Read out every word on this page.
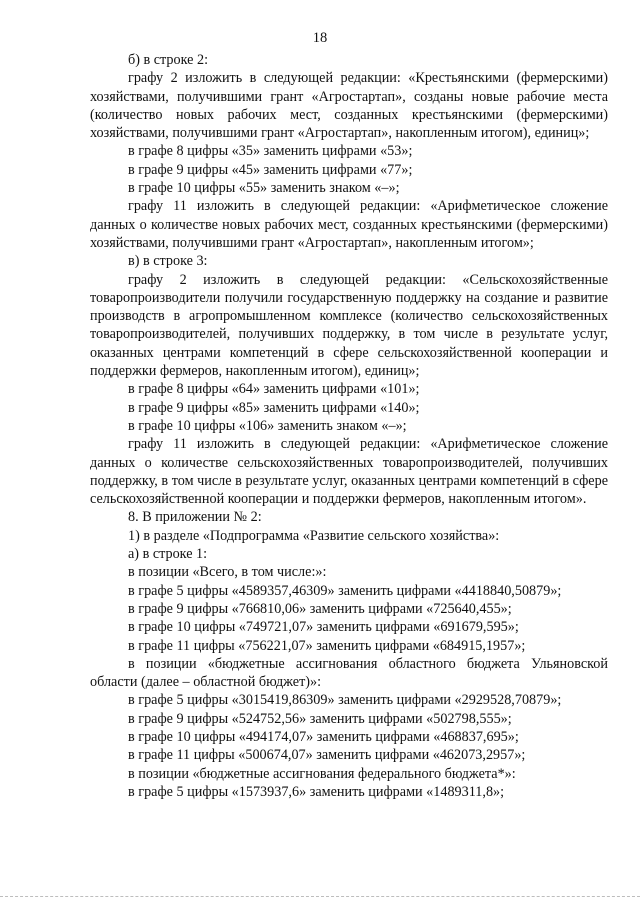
18

б) в строке 2:

графу 2 изложить в следующей редакции: «Крестьянскими (фермерскими) хозяйствами, получившими грант «Агростартап», созданы новые рабочие места (количество новых рабочих мест, созданных крестьянскими (фермерскими) хозяйствами, получившими грант «Агростартап», накопленным итогом), единиц»;

в графе 8 цифры «35» заменить цифрами «53»;

в графе 9 цифры «45» заменить цифрами «77»;

в графе 10 цифры «55» заменить знаком «–»;

графу 11 изложить в следующей редакции: «Арифметическое сложение данных о количестве новых рабочих мест, созданных крестьянскими (фермерскими) хозяйствами, получившими грант «Агростартап», накопленным итогом»;

в) в строке 3:

графу 2 изложить в следующей редакции: «Сельскохозяйственные товаропроизводители получили государственную поддержку на создание и развитие производств в агропромышленном комплексе (количество сельскохозяйственных товаропроизводителей, получивших поддержку, в том числе в результате услуг, оказанных центрами компетенций в сфере сельскохозяйственной кооперации и поддержки фермеров, накопленным итогом), единиц»;

в графе 8 цифры «64» заменить цифрами «101»;

в графе 9 цифры «85» заменить цифрами «140»;

в графе 10 цифры «106» заменить знаком «–»;

графу 11 изложить в следующей редакции: «Арифметическое сложение данных о количестве сельскохозяйственных товаропроизводителей, получивших поддержку, в том числе в результате услуг, оказанных центрами компетенций в сфере сельскохозяйственной кооперации и поддержки фермеров, накопленным итогом».

8. В приложении № 2:

1) в разделе «Подпрограмма «Развитие сельского хозяйства»:

а) в строке 1:

в позиции «Всего, в том числе:»:

в графе 5 цифры «4589357,46309» заменить цифрами «4418840,50879»;

в графе 9 цифры «766810,06» заменить цифрами «725640,455»;

в графе 10 цифры «749721,07» заменить цифрами «691679,595»;

в графе 11 цифры «756221,07» заменить цифрами «684915,1957»;

в позиции «бюджетные ассигнования областного бюджета Ульяновской области (далее – областной бюджет)»:

в графе 5 цифры «3015419,86309» заменить цифрами «2929528,70879»;

в графе 9 цифры «524752,56» заменить цифрами «502798,555»;

в графе 10 цифры «494174,07» заменить цифрами «468837,695»;

в графе 11 цифры «500674,07» заменить цифрами «462073,2957»;

в позиции «бюджетные ассигнования федерального бюджета*»:

в графе 5 цифры «1573937,6» заменить цифрами «1489311,8»;
